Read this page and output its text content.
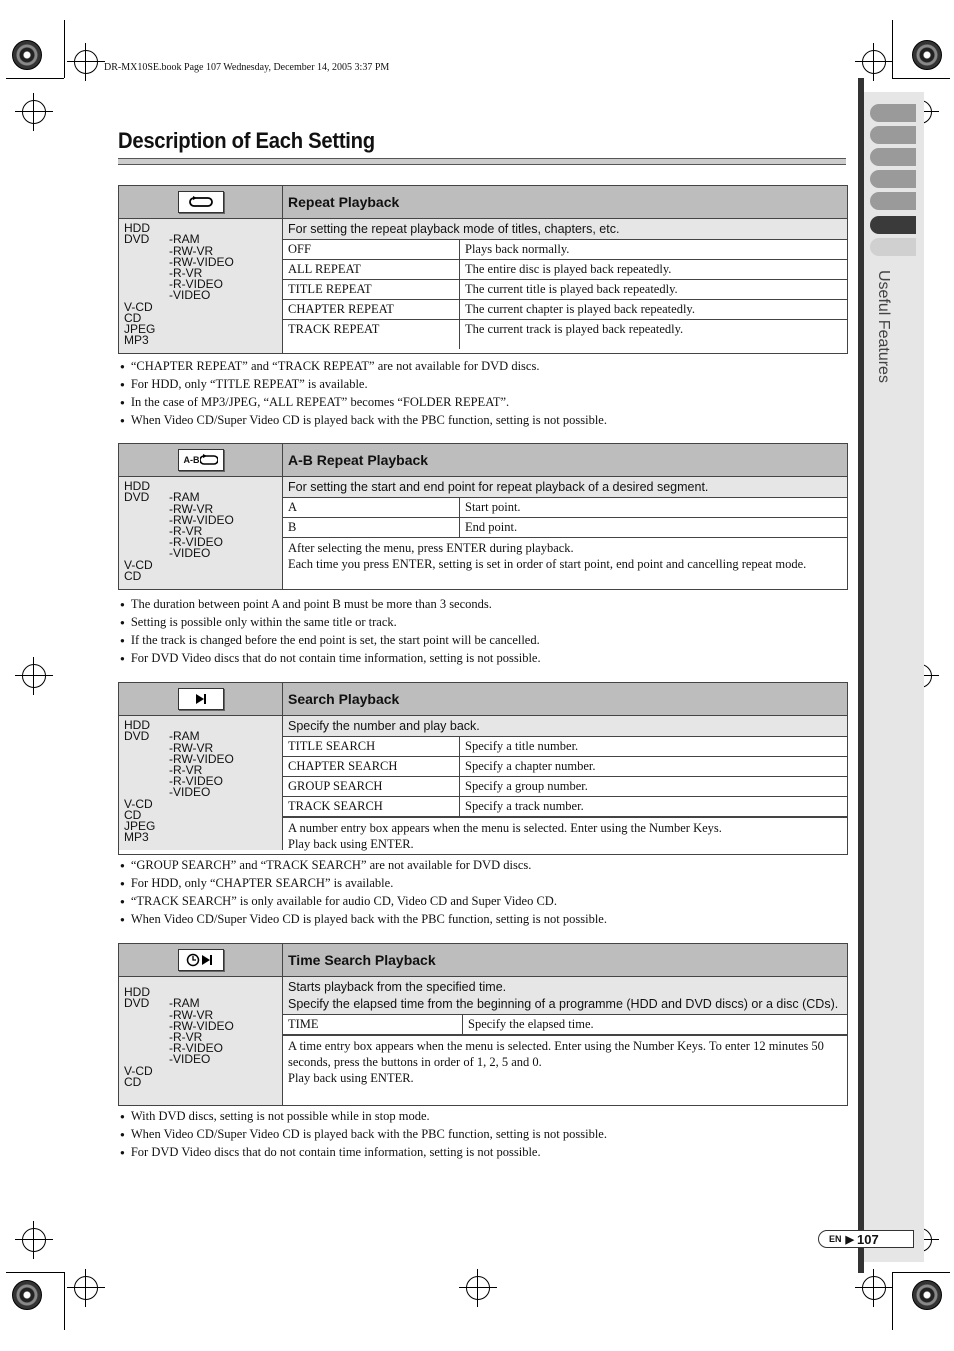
DR-MX10SE.book Page 107 Wednesday, December 14, 2005 3:37 PM
Useful Features
Description of Each Setting
Repeat Playback
HDD
DVD	-RAM
-RW-VR
-RW-VIDEO
-R-VR
-R-VIDEO
-VIDEO
V-CD
CD
JPEG
MP3
For setting the repeat playback mode of titles, chapters, etc.
OFF	Plays back normally.
ALL REPEAT	The entire disc is played back repeatedly.
TITLE REPEAT	The current title is played back repeatedly.
CHAPTER REPEAT	The current chapter is played back repeatedly.
TRACK REPEAT	The current track is played back repeatedly.
● “CHAPTER REPEAT” and “TRACK REPEAT” are not available for DVD discs.
● For HDD, only “TITLE REPEAT” is available.
● In the case of MP3/JPEG, “ALL REPEAT” becomes “FOLDER REPEAT”.
● When Video CD/Super Video CD is played back with the PBC function, setting is not possible.
A-B	A-B Repeat Playback
HDD
DVD	-RAM
-RW-VR
-RW-VIDEO
-R-VR
-R-VIDEO
-VIDEO
V-CD
CD
For setting the start and end point for repeat playback of a desired segment.
A	Start point.
B	End point.
After selecting the menu, press ENTER during playback.
Each time you press ENTER, setting is set in order of start point, end point and cancelling repeat mode.
● The duration between point A and point B must be more than 3 seconds.
● Setting is possible only within the same title or track.
● If the track is changed before the end point is set, the start point will be cancelled.
● For DVD Video discs that do not contain time information, setting is not possible.
Search Playback
HDD
DVD	-RAM
-RW-VR
-RW-VIDEO
-R-VR
-R-VIDEO
-VIDEO
V-CD
CD
JPEG
MP3
Specify the number and play back.
TITLE SEARCH	Specify a title number.
CHAPTER SEARCH	Specify a chapter number.
GROUP SEARCH	Specify a group number.
TRACK SEARCH	Specify a track number.
A number entry box appears when the menu is selected. Enter using the Number Keys.
Play back using ENTER.
● “GROUP SEARCH” and “TRACK SEARCH” are not available for DVD discs.
● For HDD, only “CHAPTER SEARCH” is available.
● “TRACK SEARCH” is only available for audio CD, Video CD and Super Video CD.
● When Video CD/Super Video CD is played back with the PBC function, setting is not possible.
Time Search Playback
HDD
DVD	-RAM
-RW-VR
-RW-VIDEO
-R-VR
-R-VIDEO
-VIDEO
V-CD
CD
Starts playback from the specified time.
Specify the elapsed time from the beginning of a programme (HDD and DVD discs) or a disc (CDs).
TIME	Specify the elapsed time.
A time entry box appears when the menu is selected. Enter using the Number Keys. To enter 12 minutes 50 seconds, press the buttons in order of 1, 2, 5 and 0.
Play back using ENTER.
● With DVD discs, setting is not possible while in stop mode.
● When Video CD/Super Video CD is played back with the PBC function, setting is not possible.
● For DVD Video discs that do not contain time information, setting is not possible.
EN ▶ 107
